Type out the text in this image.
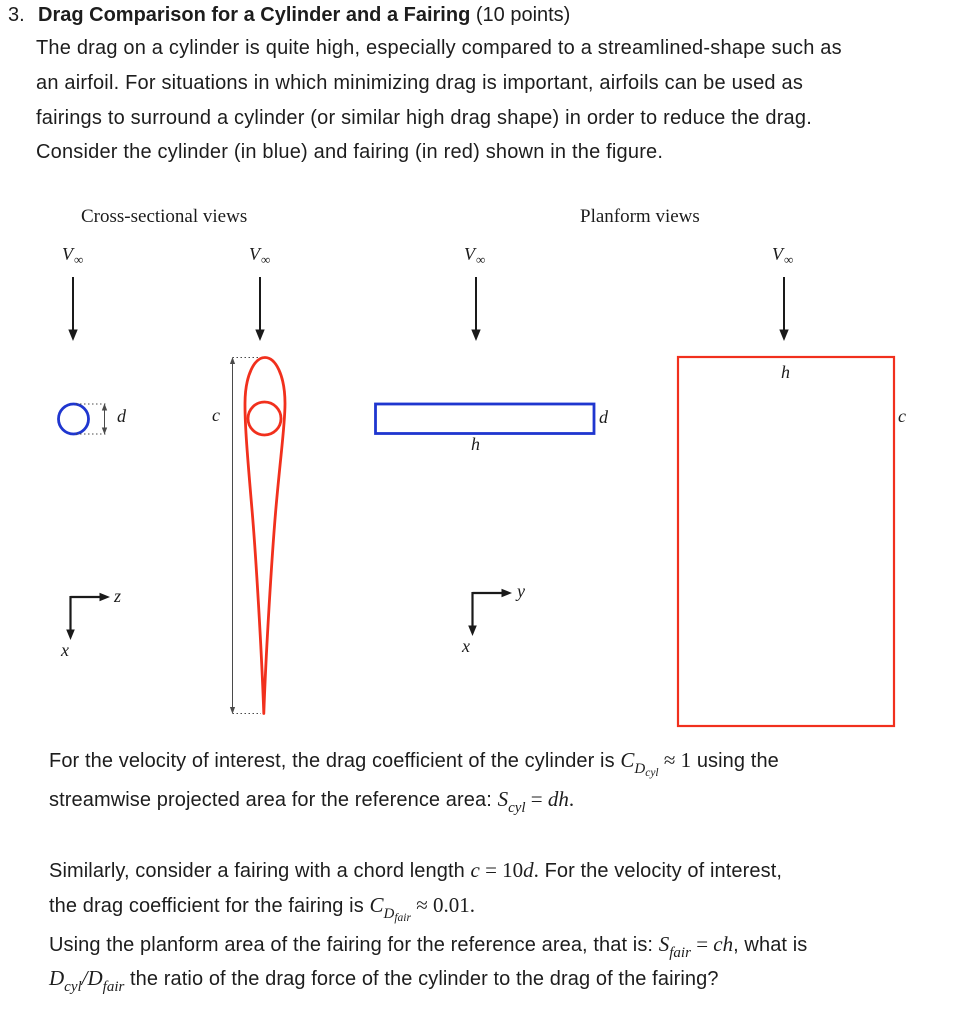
3. Drag Comparison for a Cylinder and a Fairing (10 points)
The drag on a cylinder is quite high, especially compared to a streamlined-shape such as
an airfoil. For situations in which minimizing drag is important, airfoils can be used as
fairings to surround a cylinder (or similar high drag shape) in order to reduce the drag.
Consider the cylinder (in blue) and fairing (in red) shown in the figure.
Cross-sectional views	Planform views
$V_\infty$	$V_\infty$	$V_\infty$	$V_\infty$
d	c	d
h
h
c
z
x
y
x
For the velocity of interest, the drag coefficient of the cylinder is $CD_{cyl} \approx 1$ using the
streamwise projected area for the reference area: Scyl = dh.
Similarly, consider a fairing with a chord length c = 10d. For the velocity of interest,
the drag coefficient for the fairing is $CD_{fair} \approx 0.01$.
Using the planform area of the fairing for the reference area, that is: Sfair = ch, what is
Dcyl/Dfair the ratio of the drag force of the cylinder to the drag of the fairing?
